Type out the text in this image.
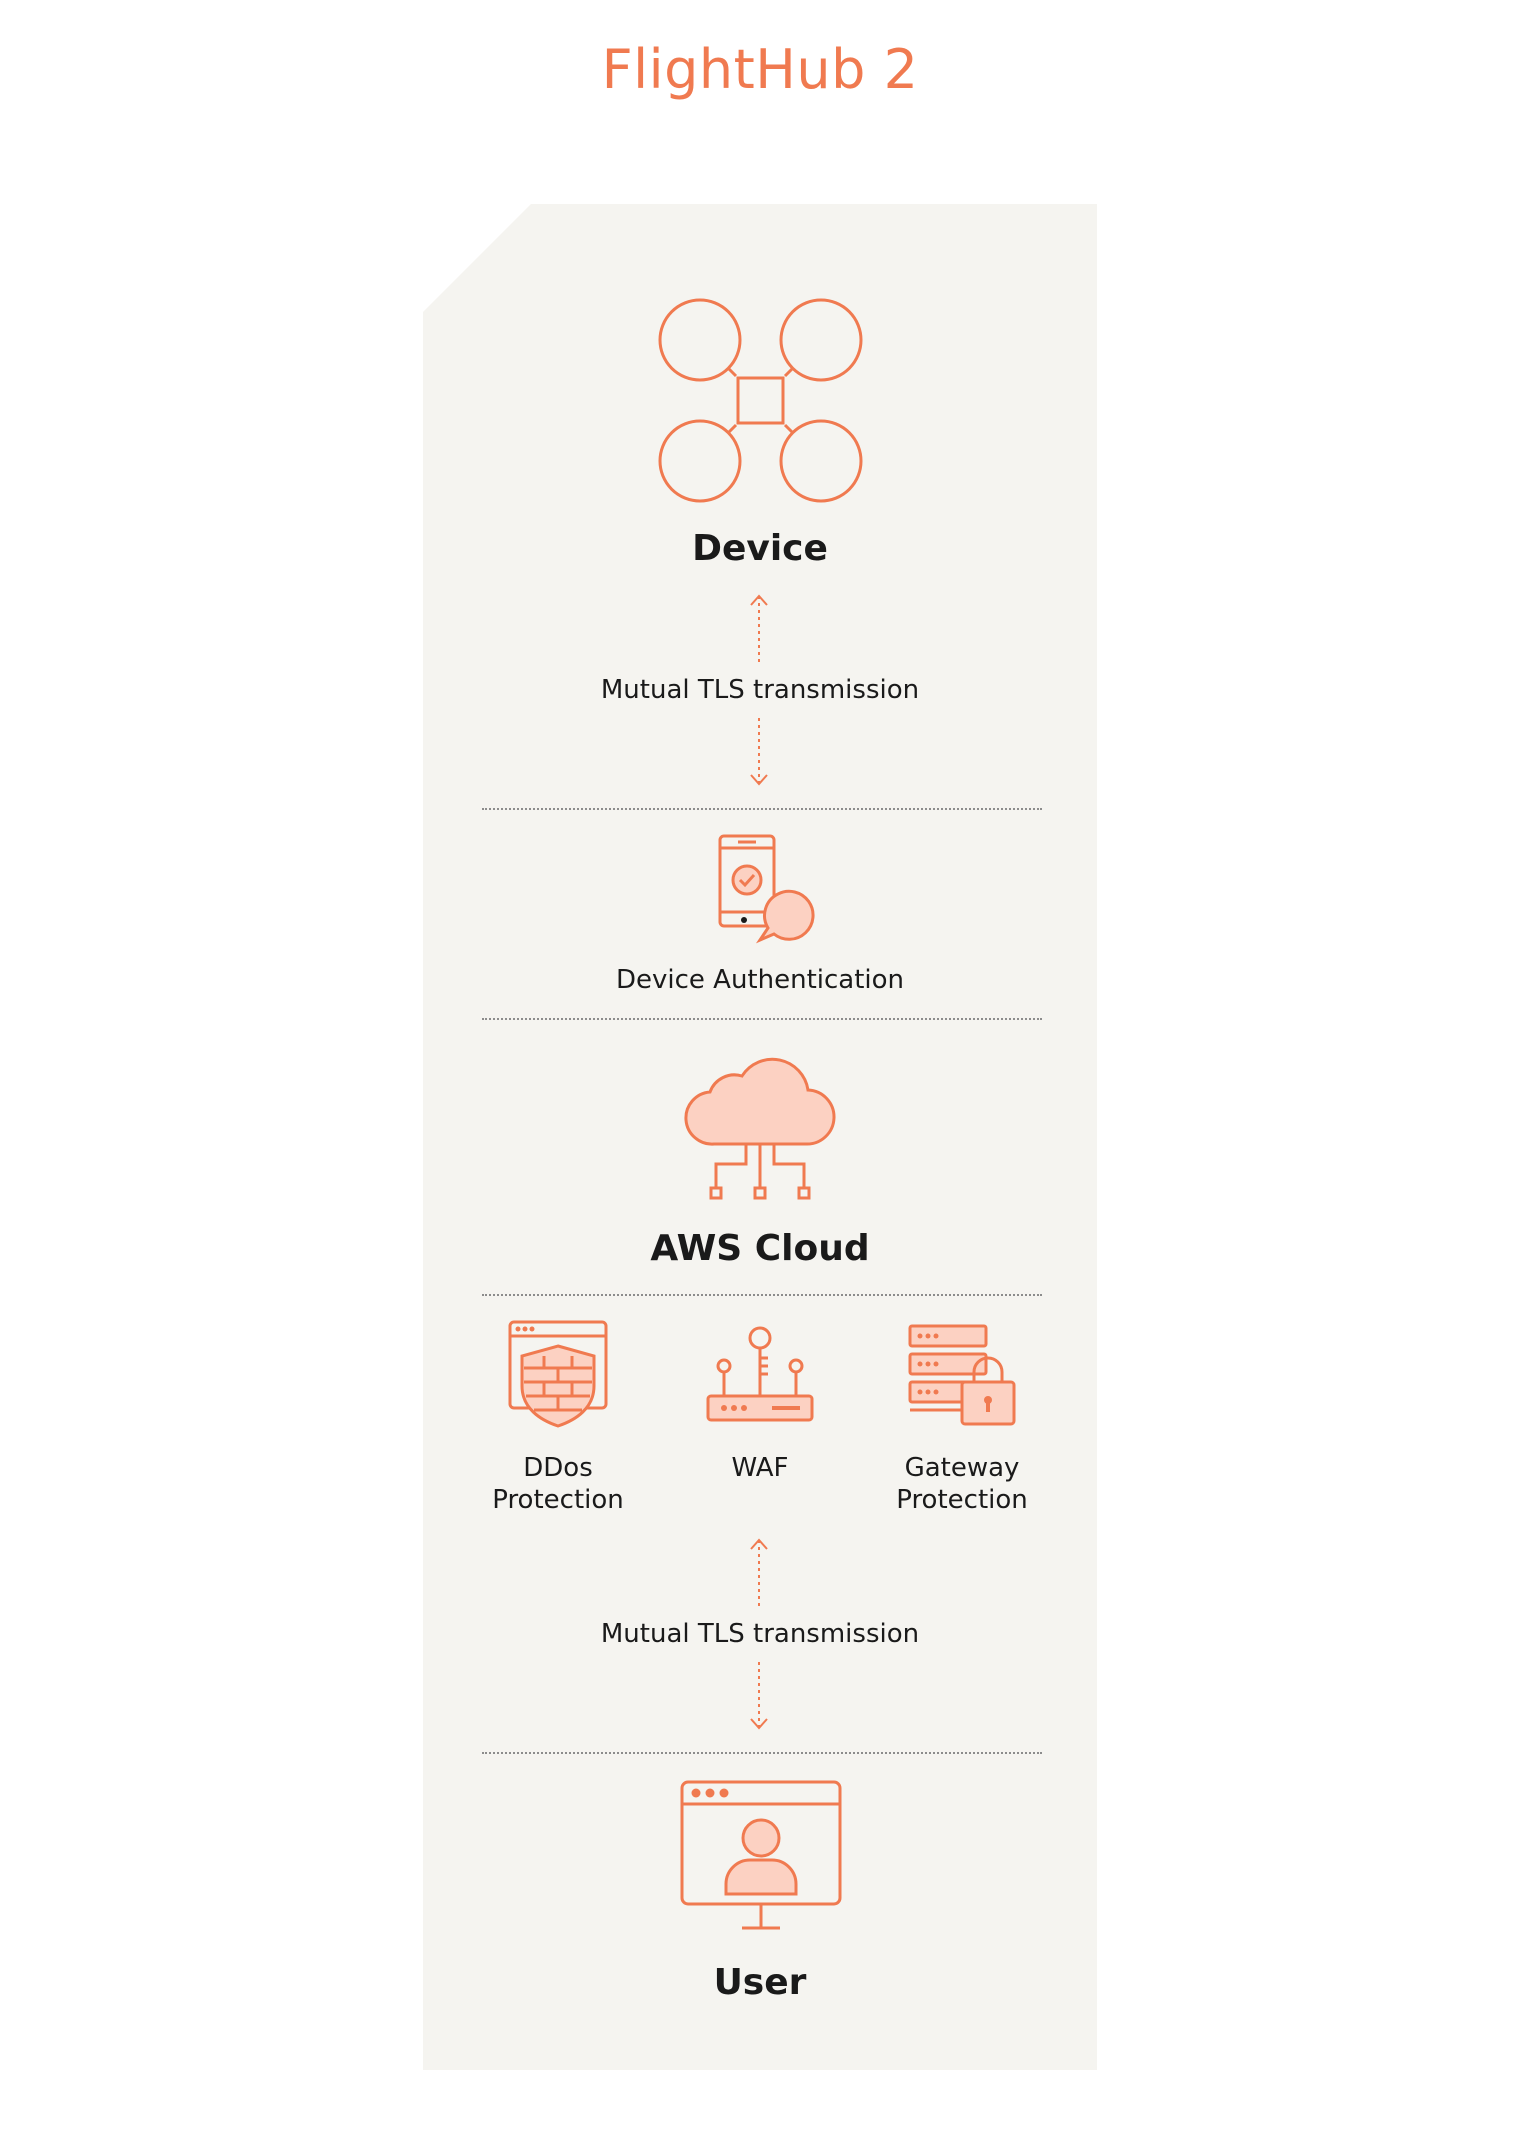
FlightHub 2
Device
Mutual TLS transmission
Device Authentication
AWS Cloud
DDos
Protection
WAF	Gateway
Protection
Mutual TLS transmission
User
